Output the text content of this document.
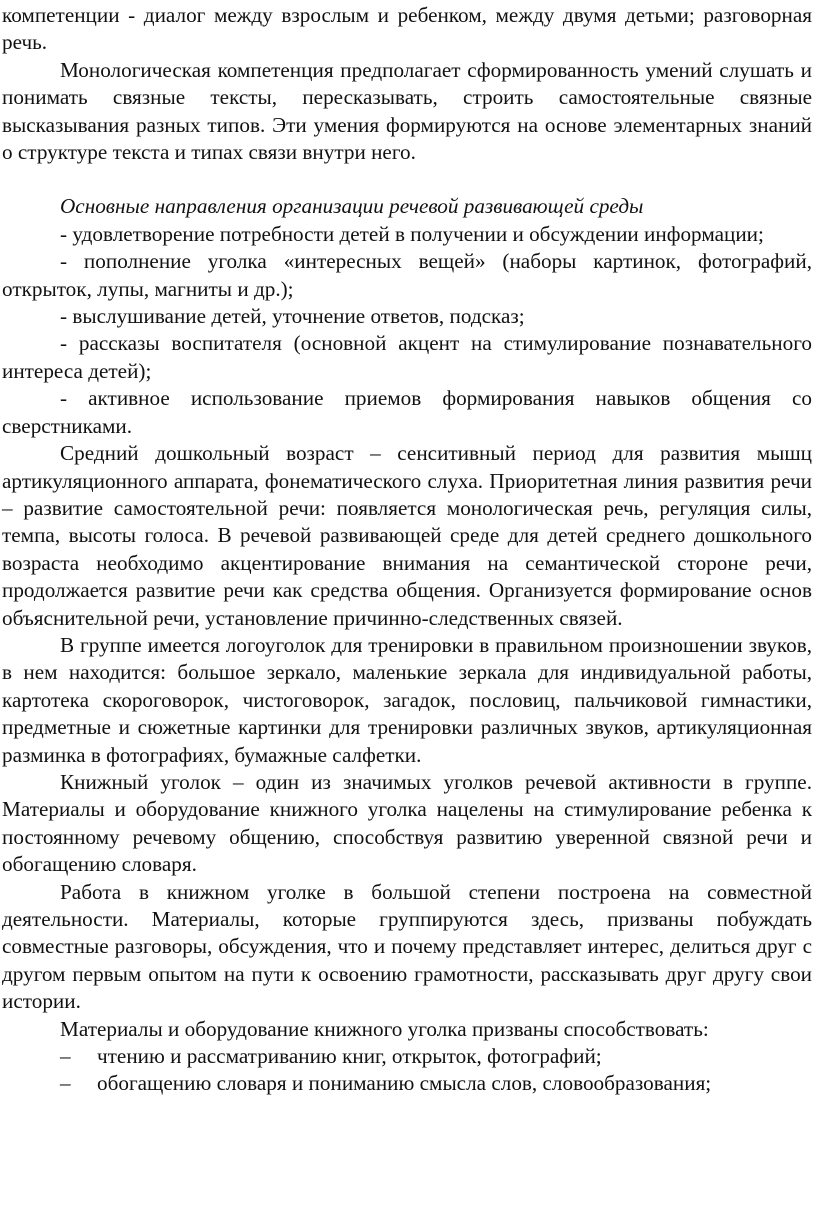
компетенции - диалог между взрослым и ребенком, между двумя детьми; разговорная речь.

Монологическая компетенция предполагает сформированность умений слушать и понимать связные тексты, пересказывать, строить самостоятельные связные высказывания разных типов. Эти умения формируются на основе элементарных знаний о структуре текста и типах связи внутри него.

Основные направления организации речевой развивающей среды

- удовлетворение потребности детей в получении и обсуждении информации;

- пополнение уголка «интересных вещей» (наборы картинок, фотографий, открыток, лупы, магниты и др.);

- выслушивание детей, уточнение ответов, подсказ;

- рассказы воспитателя (основной акцент на стимулирование познавательного интереса детей);

- активное использование приемов формирования навыков общения со сверстниками.

Средний дошкольный возраст – сенситивный период для развития мышц артикуляционного аппарата, фонематического слуха. Приоритетная линия развития речи – развитие самостоятельной речи: появляется монологическая речь, регуляция силы, темпа, высоты голоса. В речевой развивающей среде для детей среднего дошкольного возраста необходимо акцентирование внимания на семантической стороне речи, продолжается развитие речи как средства общения. Организуется формирование основ объяснительной речи, установление причинно-следственных связей.

В группе имеется логоуголок для тренировки в правильном произношении звуков, в нем находится: большое зеркало, маленькие зеркала для индивидуальной работы, картотека скороговорок, чистоговорок, загадок, пословиц, пальчиковой гимнастики, предметные и сюжетные картинки для тренировки различных звуков, артикуляционная разминка в фотографиях, бумажные салфетки.

Книжный уголок – один из значимых уголков речевой активности в группе. Материалы и оборудование книжного уголка нацелены на стимулирование ребенка к постоянному речевому общению, способствуя развитию уверенной связной речи и обогащению словаря.

Работа в книжном уголке в большой степени построена на совместной деятельности. Материалы, которые группируются здесь, призваны побуждать совместные разговоры, обсуждения, что и почему представляет интерес, делиться друг с другом первым опытом на пути к освоению грамотности, рассказывать друг другу свои истории.

Материалы и оборудование книжного уголка призваны способствовать:

–	чтению и рассматриванию книг, открыток, фотографий;
–	обогащению словаря и пониманию смысла слов, словообразования;
